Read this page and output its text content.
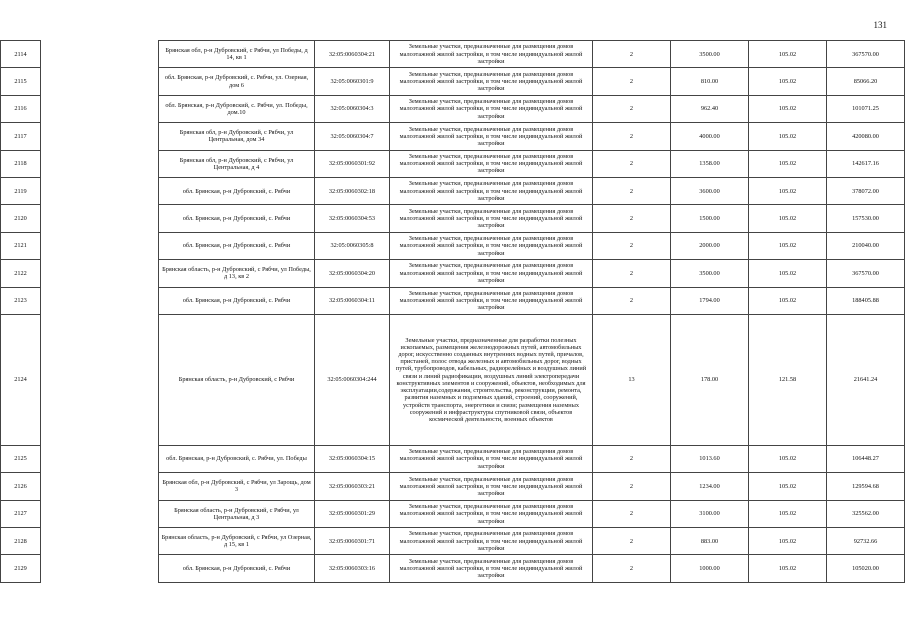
131
2114		Брянская обл, р-н Дубровский, с Рябчи, ул Победы, д 14, кв 1	32:05:0060304:21	Земельные участки, предназначенные для размещения домов малоэтажной жилой застройки, в том числе индивидуальной жилой застройки	2	3500.00	105.02	367570.00
2115		обл. Брянская, р-н Дубровский, с. Рябчи, ул. Озерная, дом 6	32:05:0060301:9	Земельные участки, предназначенные для размещения домов малоэтажной жилой застройки, в том числе индивидуальной жилой застройки	2	810.00	105.02	85066.20
2116		обл. Брянская, р-н Дубровский, с. Рябчи, ул. Победы, дом.10	32:05:0060304:3	Земельные участки, предназначенные для размещения домов малоэтажной жилой застройки, в том числе индивидуальной жилой застройки	2	962.40	105.02	101071.25
2117		Брянская обл, р-н Дубровский, с Рябчи, ул Центральная, дом 34	32:05:0060304:7	Земельные участки, предназначенные для размещения домов малоэтажной жилой застройки, в том числе индивидуальной жилой застройки	2	4000.00	105.02	420080.00
2118		Брянская обл, р-н Дубровский, с Рябчи, ул Центральная, д 4	32:05:0060301:92	Земельные участки, предназначенные для размещения домов малоэтажной жилой застройки, в том числе индивидуальной жилой застройки	2	1358.00	105.02	142617.16
2119		обл. Брянская, р-н Дубровский, с. Рябчи	32:05:0060302:18	Земельные участки, предназначенные для размещения домов малоэтажной жилой застройки, в том числе индивидуальной жилой застройки	2	3600.00	105.02	378072.00
2120		обл. Брянская, р-н Дубровский, с. Рябчи	32:05:0060304:53	Земельные участки, предназначенные для размещения домов малоэтажной жилой застройки, в том числе индивидуальной жилой застройки	2	1500.00	105.02	157530.00
2121		обл. Брянская, р-н Дубровский, с. Рябчи	32:05:0060305:8	Земельные участки, предназначенные для размещения домов малоэтажной жилой застройки, в том числе индивидуальной жилой застройки	2	2000.00	105.02	210040.00
2122		Брянская область, р-н Дубровский, с Рябчи, ул Победы, д 13, кв 2	32:05:0060304:20	Земельные участки, предназначенные для размещения домов малоэтажной жилой застройки, в том числе индивидуальной жилой застройки	2	3500.00	105.02	367570.00
2123		обл. Брянская, р-н Дубровский, с. Рябчи	32:05:0060304:11	Земельные участки, предназначенные для размещения домов малоэтажной жилой застройки, в том числе индивидуальной жилой застройки	2	1794.00	105.02	188405.88
2124		Брянская область, р-н Дубровский, с Рябчи	32:05:0060304:244	Земельные участки, предназначенные для разработки полезных ископаемых, размещения железнодорожных путей, автомобильных дорог, искусственно созданных внутренних водных путей, причалов, пристаней, полос отвода железных и автомобильных дорог, водных путей, трубопроводов, кабельных, радиорелейных и воздушных линий связи и линий радиофикации, воздушных линий электропередачи конструктивных элементов и сооружений, объектов, необходимых для эксплуатации,содержания, строительства, реконструкции, ремонта, развития наземных и подземных зданий, строений, сооружений, устройств транспорта, энергетики и связи; размещения наземных сооружений и инфраструктуры спутниковой связи, объектов космической деятельности, военных объектов	13	178.00	121.58	21641.24
2125		обл. Брянская, р-н Дубровский, с. Рябчи, ул. Победы	32:05:0060304:15	Земельные участки, предназначенные для размещения домов малоэтажной жилой застройки, в том числе индивидуальной жилой застройки	2	1013.60	105.02	106448.27
2126		Брянская обл, р-н Дубровский, с Рябчи, ул Зарощь, дом 3	32:05:0060303:21	Земельные участки, предназначенные для размещения домов малоэтажной жилой застройки, в том числе индивидуальной жилой застройки	2	1234.00	105.02	129594.68
2127		Брянская область, р-н Дубровский, с Рябчи, ул Центральная, д 3	32:05:0060301:29	Земельные участки, предназначенные для размещения домов малоэтажной жилой застройки, в том числе индивидуальной жилой застройки	2	3100.00	105.02	325562.00
2128		Брянская область, р-н Дубровский, с Рябчи, ул Озерная, д 15, кв 1	32:05:0060301:71	Земельные участки, предназначенные для размещения домов малоэтажной жилой застройки, в том числе индивидуальной жилой застройки	2	883.00	105.02	92732.66
2129		обл. Брянская, р-н Дубровский, с. Рябчи	32:05:0060303:16	Земельные участки, предназначенные для размещения домов малоэтажной жилой застройки, в том числе индивидуальной жилой застройки	2	1000.00	105.02	105020.00
